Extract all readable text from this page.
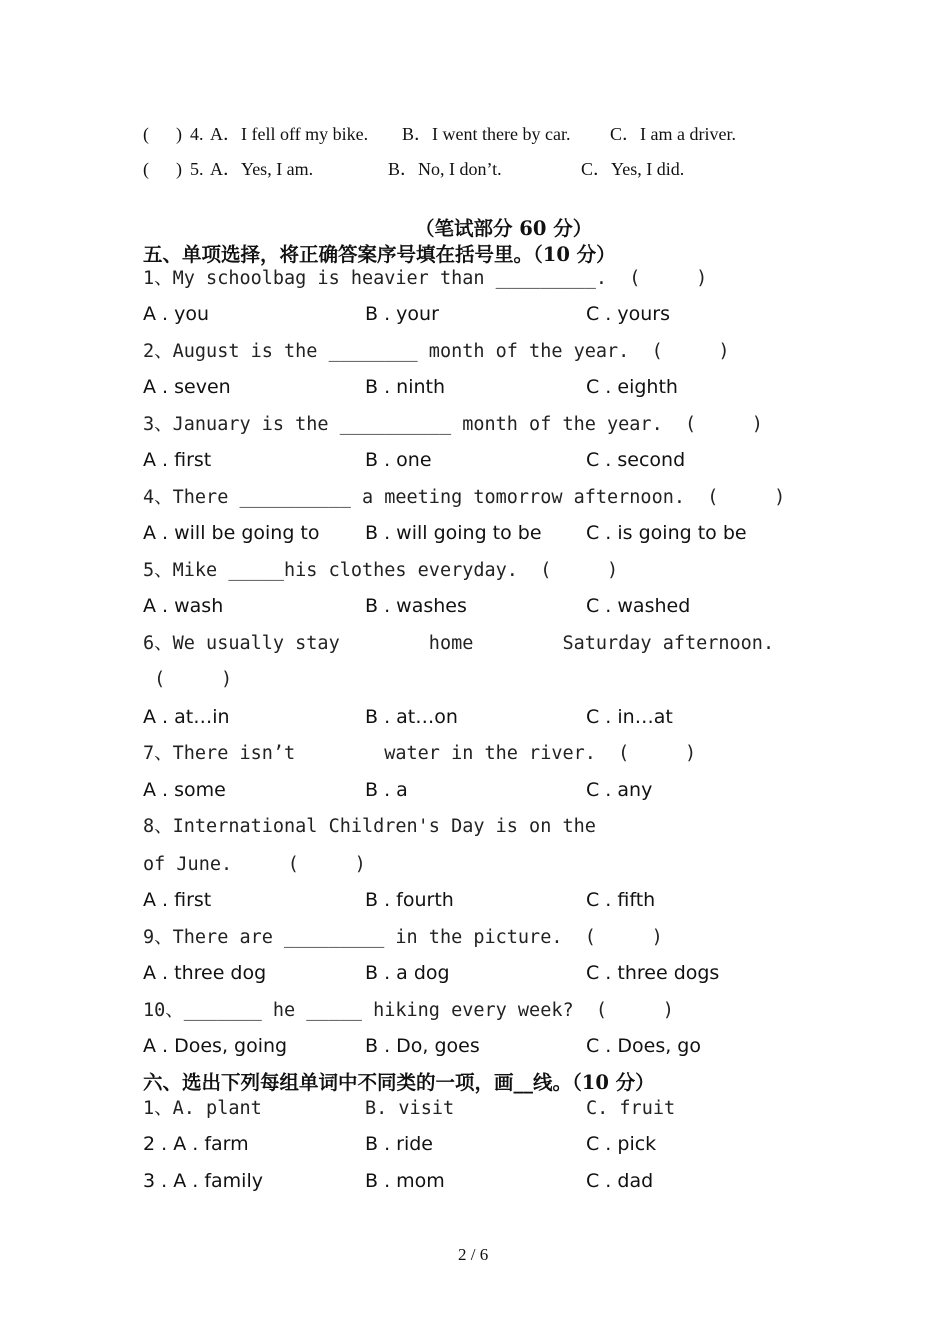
(      ) 4. A．I fell off my bike. B．I went there by car. C．I am a driver.
(      ) 5. A．Yes, I am.	B．No, I don’t.	C．Yes, I did.
（笔试部分 60 分）
五、单项选择，将正确答案序号填在括号里。（10 分）
1、My schoolbag is heavier than _________.  (     )
A . you	B . your	C . yours
2、August is the ________ month of the year.  (     )
A . seven	B . ninth	C . eighth
3、January is the __________ month of the year.  (     )
A . first	B . one	C . second
4、There __________ a meeting tomorrow afternoon.  (     )
A . will be going to B . will going to be C . is going to be
5、Mike _____his clothes everyday.  (     )
A . wash	B . washes	C . washed
6、We usually stay        home        Saturday afternoon.
(     )
A . at…in	B . at…on	C . in…at
7、There isn’t        water in the river.  (     )
A . some	B . a	C . any
8、International Children's Day is on the
of June.     (     )
A . first	B . fourth	C . fifth
9、There are _________ in the picture.  (     )
A . three dog	B . a dog	C . three dogs
10、_______ he _____ hiking every week?  (     )
A . Does, going	B . Do, goes	C . Does, go
六、选出下列每组单词中不同类的一项，画__线。（10 分）
1、A. plant	B. visit	C. fruit
2 . A . farm	B . ride	C . pick
3 . A . family	B . mom	C . dad
2 / 6
